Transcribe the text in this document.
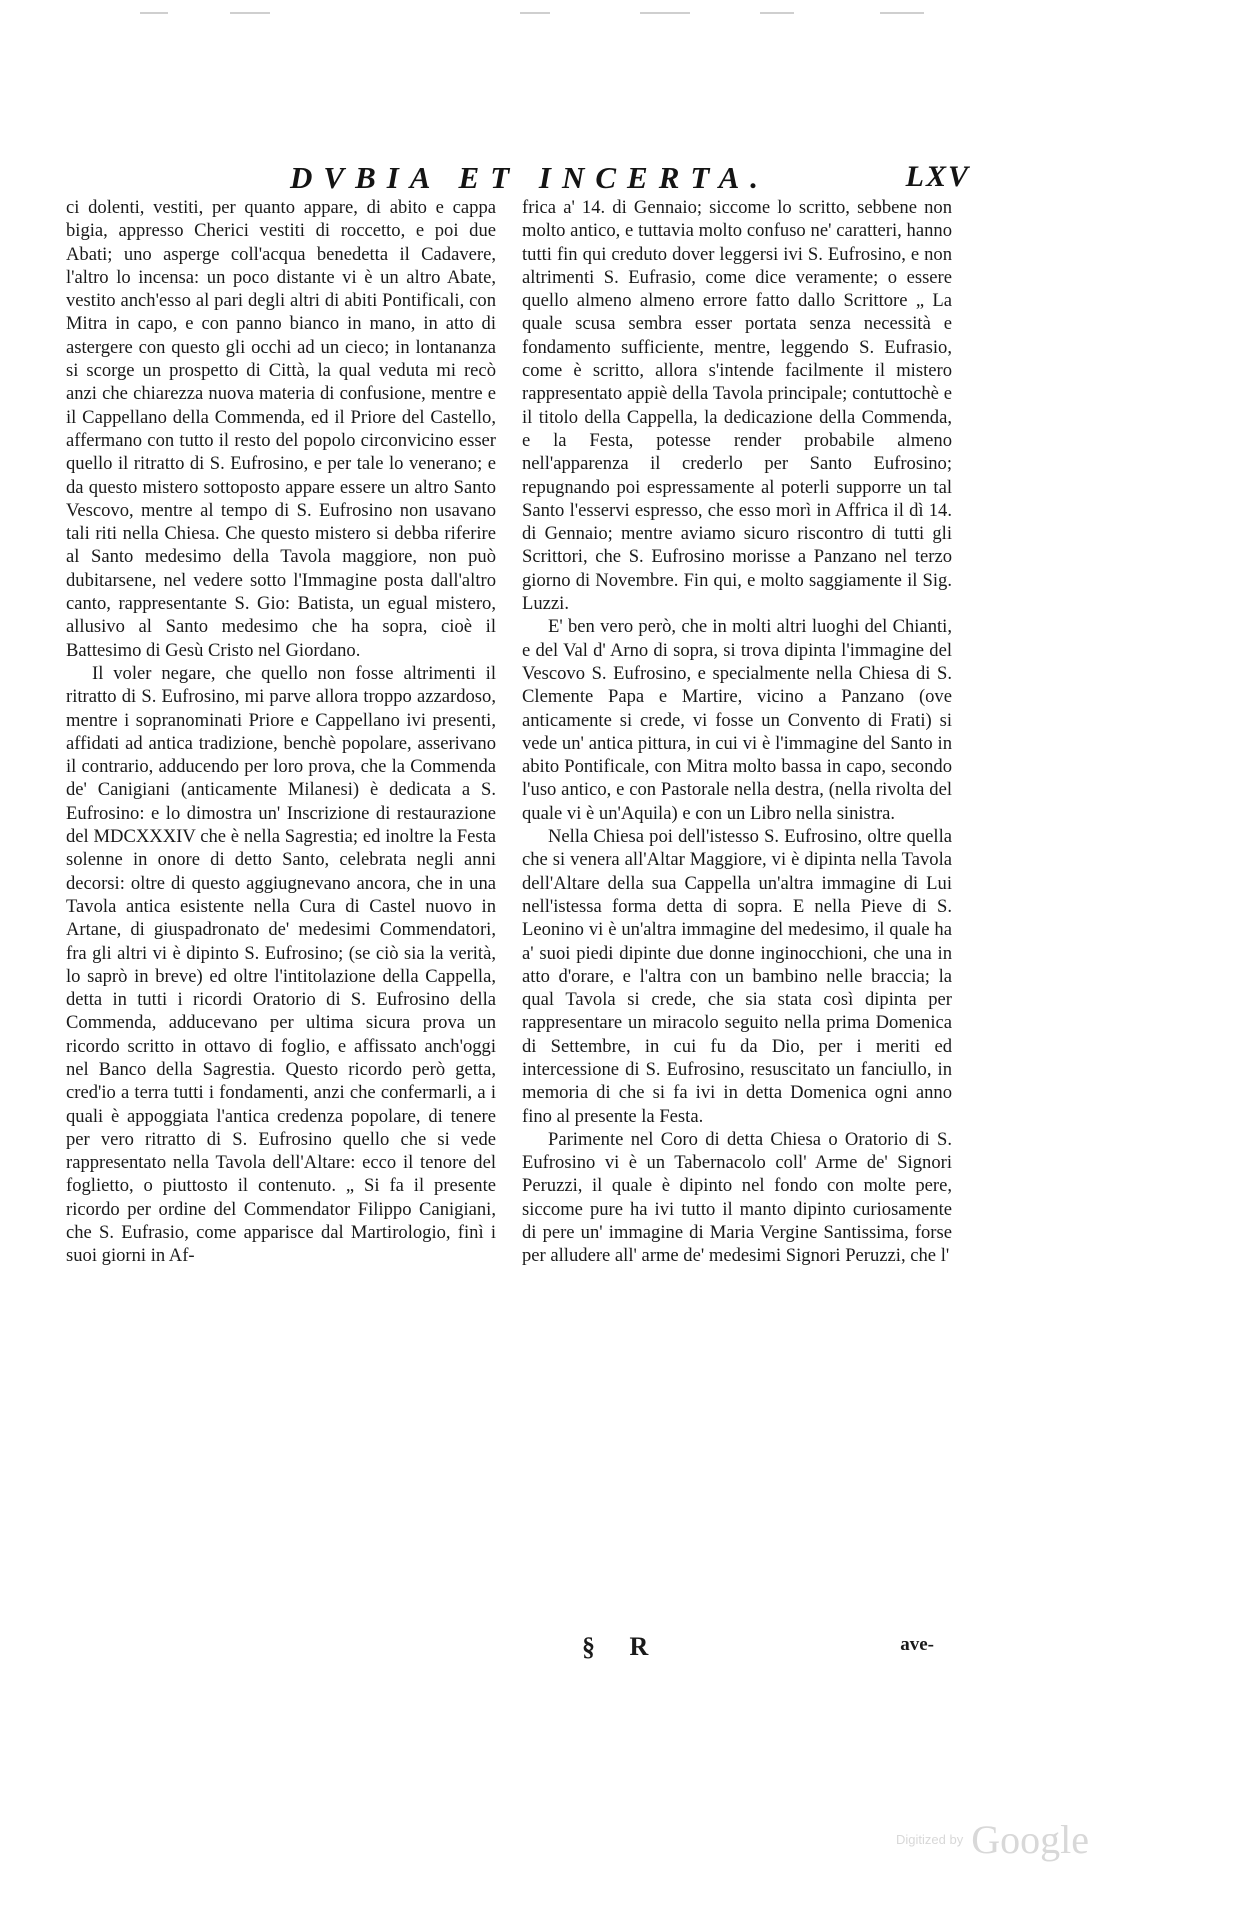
DVBIA ET INCERTA.	LXV

ci dolenti, vestiti, per quanto appare, di abito e cappa bigia, appresso Cherici vestiti di roccetto, e poi due Abati; uno asperge coll'acqua benedetta il Cadavere, l'altro lo incensa: un poco distante vi è un altro Abate, vestito anch'esso al pari degli altri di abiti Pontificali, con Mitra in capo, e con panno bianco in mano, in atto di astergere con questo gli occhi ad un cieco; in lontananza si scorge un prospetto di Città, la qual veduta mi recò anzi che chiarezza nuova materia di confusione, mentre e il Cappellano della Commenda, ed il Priore del Castello, affermano con tutto il resto del popolo circonvicino esser quello il ritratto di S. Eufrosino, e per tale lo venerano; e da questo mistero sottoposto appare essere un altro Santo Vescovo, mentre al tempo di S. Eufrosino non usavano tali riti nella Chiesa. Che questo mistero si debba riferire al Santo medesimo della Tavola maggiore, non può dubitarsene, nel vedere sotto l'Immagine posta dall'altro canto, rappresentante S. Gio: Batista, un egual mistero, allusivo al Santo medesimo che ha sopra, cioè il Battesimo di Gesù Cristo nel Giordano.

Il voler negare, che quello non fosse altrimenti il ritratto di S. Eufrosino, mi parve allora troppo azzardoso, mentre i sopranominati Priore e Cappellano ivi presenti, affidati ad antica tradizione, benchè popolare, asserivano il contrario, adducendo per loro prova, che la Commenda de' Canigiani (anticamente Milanesi) è dedicata a S. Eufrosino: e lo dimostra un' Inscrizione di restaurazione del MDCXXXIV che è nella Sagrestia; ed inoltre la Festa solenne in onore di detto Santo, celebrata negli anni decorsi: oltre di questo aggiugnevano ancora, che in una Tavola antica esistente nella Cura di Castel nuovo in Artane, di giuspadronato de' medesimi Commendatori, fra gli altri vi è dipinto S. Eufrosino; (se ciò sia la verità, lo saprò in breve) ed oltre l'intitolazione della Cappella, detta in tutti i ricordi Oratorio di S. Eufrosino della Commenda, adducevano per ultima sicura prova un ricordo scritto in ottavo di foglio, e affissato anch'oggi nel Banco della Sagrestia. Questo ricordo però getta, cred'io a terra tutti i fondamenti, anzi che confermarli, a i quali è appoggiata l'antica credenza popolare, di tenere per vero ritratto di S. Eufrosino quello che si vede rappresentato nella Tavola dell'Altare: ecco il tenore del foglietto, o piuttosto il contenuto. „ Si fa il presente ricordo per ordine del Commendator Filippo Canigiani, che S. Eufrasio, come apparisce dal Martirologio, finì i suoi giorni in Af-

frica a' 14. di Gennaio; siccome lo scritto, sebbene non molto antico, e tuttavia molto confuso ne' caratteri, hanno tutti fin qui creduto dover leggersi ivi S. Eufrosino, e non altrimenti S. Eufrasio, come dice veramente; o essere quello almeno almeno errore fatto dallo Scrittore „ La quale scusa sembra esser portata senza necessità e fondamento sufficiente, mentre, leggendo S. Eufrasio, come è scritto, allora s'intende facilmente il mistero rappresentato appiè della Tavola principale; contuttochè e il titolo della Cappella, la dedicazione della Commenda, e la Festa, potesse render probabile almeno nell'apparenza il crederlo per Santo Eufrosino; repugnando poi espressamente al poterli supporre un tal Santo l'esservi espresso, che esso morì in Affrica il dì 14. di Gennaio; mentre aviamo sicuro riscontro di tutti gli Scrittori, che S. Eufrosino morisse a Panzano nel terzo giorno di Novembre. Fin qui, e molto saggiamente il Sig. Luzzi.

E' ben vero però, che in molti altri luoghi del Chianti, e del Val d' Arno di sopra, si trova dipinta l'immagine del Vescovo S. Eufrosino, e specialmente nella Chiesa di S. Clemente Papa e Martire, vicino a Panzano (ove anticamente si crede, vi fosse un Convento di Frati) si vede un' antica pittura, in cui vi è l'immagine del Santo in abito Pontificale, con Mitra molto bassa in capo, secondo l'uso antico, e con Pastorale nella destra, (nella rivolta del quale vi è un'Aquila) e con un Libro nella sinistra.

Nella Chiesa poi dell'istesso S. Eufrosino, oltre quella che si venera all'Altar Maggiore, vi è dipinta nella Tavola dell'Altare della sua Cappella un'altra immagine di Lui nell'istessa forma detta di sopra. E nella Pieve di S. Leonino vi è un'altra immagine del medesimo, il quale ha a' suoi piedi dipinte due donne inginocchioni, che una in atto d'orare, e l'altra con un bambino nelle braccia; la qual Tavola si crede, che sia stata così dipinta per rappresentare un miracolo seguito nella prima Domenica di Settembre, in cui fu da Dio, per i meriti ed intercessione di S. Eufrosino, resuscitato un fanciullo, in memoria di che si fa ivi in detta Domenica ogni anno fino al presente la Festa.

Parimente nel Coro di detta Chiesa o Oratorio di S. Eufrosino vi è un Tabernacolo coll' Arme de' Signori Peruzzi, il quale è dipinto nel fondo con molte pere, siccome pure ha ivi tutto il manto dipinto curiosamente di pere un' immagine di Maria Vergine Santissima, forse per alludere all' arme de' medesimi Signori Peruzzi, che l'

§ R	ave-
Digitized by Google
